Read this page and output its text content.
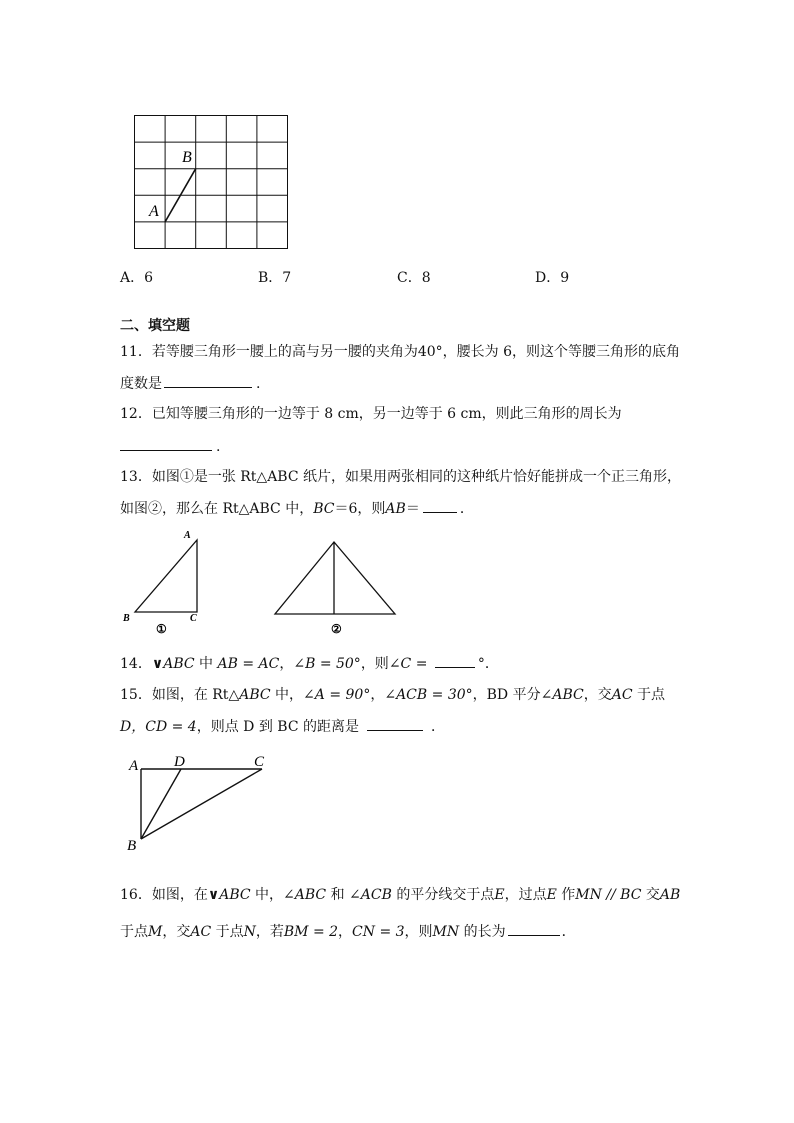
B
A
A．6	B．7	C．8	D．9
二、填空题
11．若等腰三角形一腰上的高与另一腰的夹角为40°，腰长为 6，则这个等腰三角形的底角
度数是	.
12．已知等腰三角形的一边等于 8 cm，另一边等于 6 cm，则此三角形的周长为
.
13．如图①是一张 Rt△ABC 纸片，如果用两张相同的这种纸片恰好能拼成一个正三角形，
如图②，那么在 Rt△ABC 中，BC＝6，则AB＝	．
A
B	C
①	②
14．∨ABC 中 AB = AC，∠B = 50°，则∠C =	°．
15．如图，在 Rt△ABC 中，∠A = 90°，∠ACB = 30°，BD 平分∠ABC，交AC 于点
D，CD = 4，则点 D 到 BC 的距离是	．
A D	C
B
16．如图，在∨ABC 中，∠ABC 和 ∠ACB 的平分线交于点E，过点E 作MN // BC 交AB
于点M，交AC 于点N，若BM = 2，CN = 3，则MN 的长为	．
